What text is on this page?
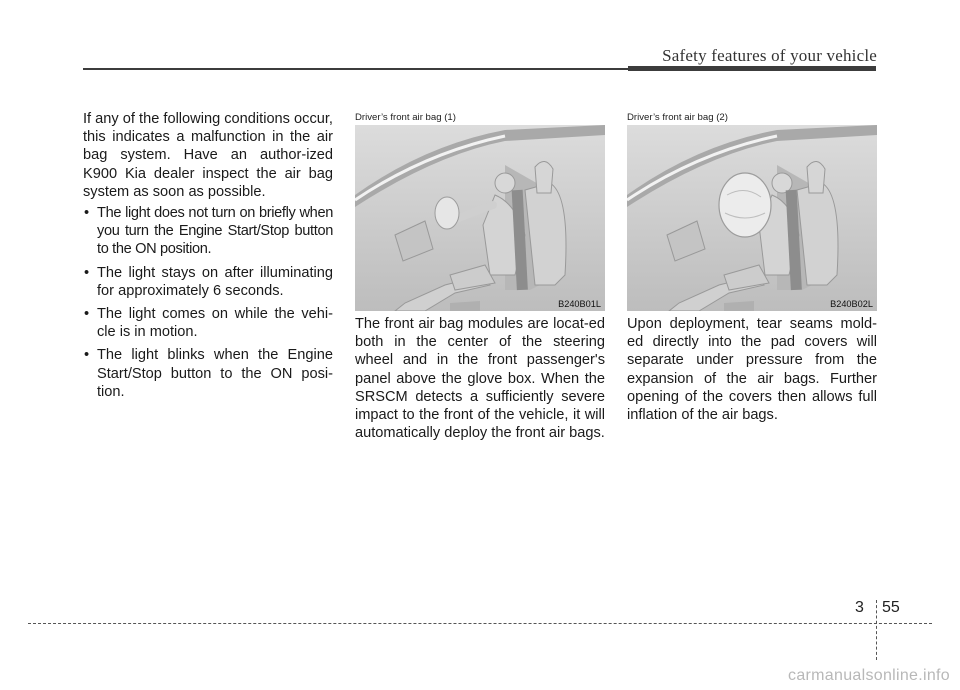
Safety features of your vehicle

If any of the following conditions occur, this indicates a malfunction in the air bag system. Have an author-ized K900 Kia dealer inspect the air bag system as soon as possible.

• The light does not turn on briefly when you turn the Engine Start/Stop button to the ON position.
• The light stays on after illuminating for approximately 6 seconds.
• The light comes on while the vehi-cle is in motion.
• The light blinks when the Engine Start/Stop button to the ON posi-tion.
Driver’s front air bag (1)
B240B01L
Driver’s front air bag (2)
B240B02L

The front air bag modules are locat-ed both in the center of the steering wheel and in the front passenger's panel above the glove box. When the SRSCM detects a sufficiently severe impact to the front of the vehicle, it will automatically deploy the front air bags.

Upon deployment, tear seams mold-ed directly into the pad covers will separate under pressure from the expansion of the air bags. Further opening of the covers then allows full inflation of the air bags.

3 55
carmanualsonline.info
